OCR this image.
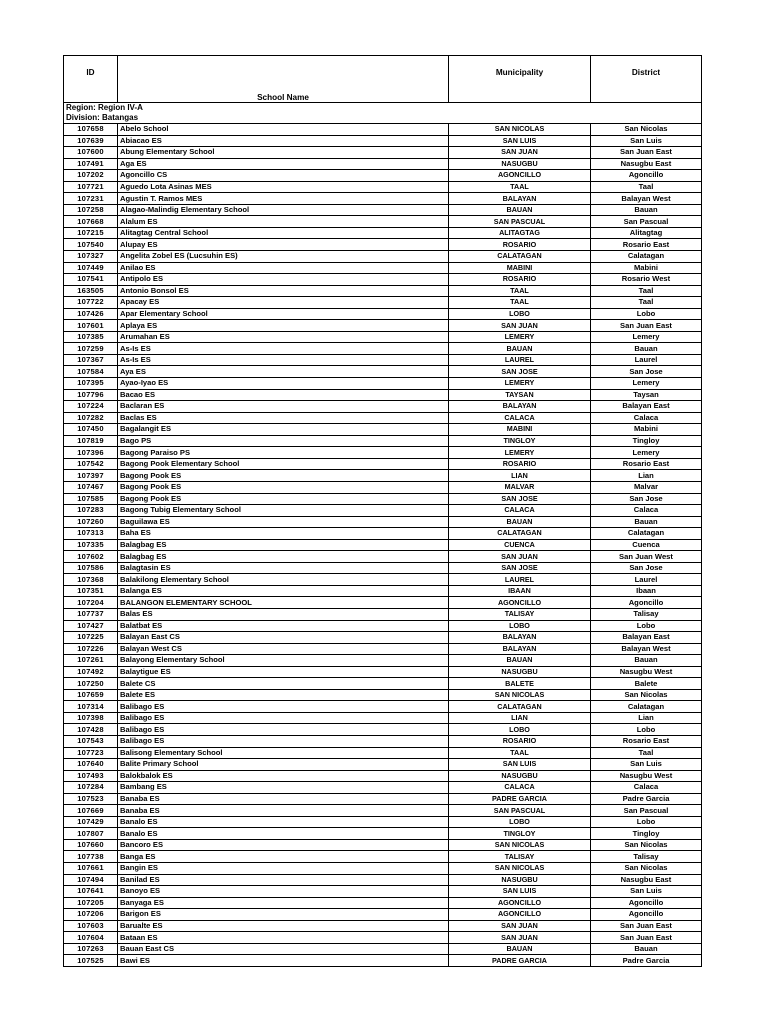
ID	School Name	Municipality	District
Region: Region IV-A			
Division: Batangas			
107658	Abelo School	SAN NICOLAS	San Nicolas
107639	Abiacao ES	SAN LUIS	San Luis
107600	Abung Elementary School	SAN JUAN	San Juan East
107491	Aga ES	NASUGBU	Nasugbu East
107202	Agoncillo CS	AGONCILLO	Agoncillo
107721	Aguedo Lota Asinas MES	TAAL	Taal
107231	Agustin T. Ramos MES	BALAYAN	Balayan West
107258	Alagao-Malindig Elementary School	BAUAN	Bauan
107668	Alalum ES	SAN PASCUAL	San Pascual
107215	Alitagtag Central School	ALITAGTAG	Alitagtag
107540	Alupay ES	ROSARIO	Rosario East
107327	Angelita Zobel ES (Lucsuhin ES)	CALATAGAN	Calatagan
107449	Anilao ES	MABINI	Mabini
107541	Antipolo ES	ROSARIO	Rosario West
163505	Antonio Bonsol ES	TAAL	Taal
107722	Apacay ES	TAAL	Taal
107426	Apar Elementary School	LOBO	Lobo
107601	Aplaya ES	SAN JUAN	San Juan East
107385	Arumahan ES	LEMERY	Lemery
107259	As-Is ES	BAUAN	Bauan
107367	As-Is ES	LAUREL	Laurel
107584	Aya ES	SAN JOSE	San Jose
107395	Ayao-Iyao ES	LEMERY	Lemery
107796	Bacao ES	TAYSAN	Taysan
107224	Baclaran ES	BALAYAN	Balayan East
107282	Baclas ES	CALACA	Calaca
107450	Bagalangit ES	MABINI	Mabini
107819	Bago PS	TINGLOY	Tingloy
107396	Bagong Paraiso PS	LEMERY	Lemery
107542	Bagong Pook Elementary School	ROSARIO	Rosario East
107397	Bagong Pook ES	LIAN	Lian
107467	Bagong Pook ES	MALVAR	Malvar
107585	Bagong Pook ES	SAN JOSE	San Jose
107283	Bagong Tubig Elementary School	CALACA	Calaca
107260	Baguilawa ES	BAUAN	Bauan
107313	Baha ES	CALATAGAN	Calatagan
107335	Balagbag ES	CUENCA	Cuenca
107602	Balagbag ES	SAN JUAN	San Juan West
107586	Balagtasin ES	SAN JOSE	San Jose
107368	Balakilong Elementary School	LAUREL	Laurel
107351	Balanga ES	IBAAN	Ibaan
107204	BALANGON ELEMENTARY SCHOOL	AGONCILLO	Agoncillo
107737	Balas ES	TALISAY	Talisay
107427	Balatbat ES	LOBO	Lobo
107225	Balayan East CS	BALAYAN	Balayan East
107226	Balayan West CS	BALAYAN	Balayan West
107261	Balayong Elementary School	BAUAN	Bauan
107492	Balaytigue ES	NASUGBU	Nasugbu West
107250	Balete CS	BALETE	Balete
107659	Balete ES	SAN NICOLAS	San Nicolas
107314	Balibago ES	CALATAGAN	Calatagan
107398	Balibago ES	LIAN	Lian
107428	Balibago ES	LOBO	Lobo
107543	Balibago ES	ROSARIO	Rosario East
107723	Balisong Elementary School	TAAL	Taal
107640	Balite Primary School	SAN LUIS	San Luis
107493	Balokbalok ES	NASUGBU	Nasugbu West
107284	Bambang ES	CALACA	Calaca
107523	Banaba ES	PADRE GARCIA	Padre Garcia
107669	Banaba ES	SAN PASCUAL	San Pascual
107429	Banalo ES	LOBO	Lobo
107807	Banalo ES	TINGLOY	Tingloy
107660	Bancoro ES	SAN NICOLAS	San Nicolas
107738	Banga ES	TALISAY	Talisay
107661	Bangin ES	SAN NICOLAS	San Nicolas
107494	Banilad ES	NASUGBU	Nasugbu East
107641	Banoyo ES	SAN LUIS	San Luis
107205	Banyaga ES	AGONCILLO	Agoncillo
107206	Barigon ES	AGONCILLO	Agoncillo
107603	Barualte ES	SAN JUAN	San Juan East
107604	Bataan ES	SAN JUAN	San Juan East
107263	Bauan East CS	BAUAN	Bauan
107525	Bawi ES	PADRE GARCIA	Padre Garcia
